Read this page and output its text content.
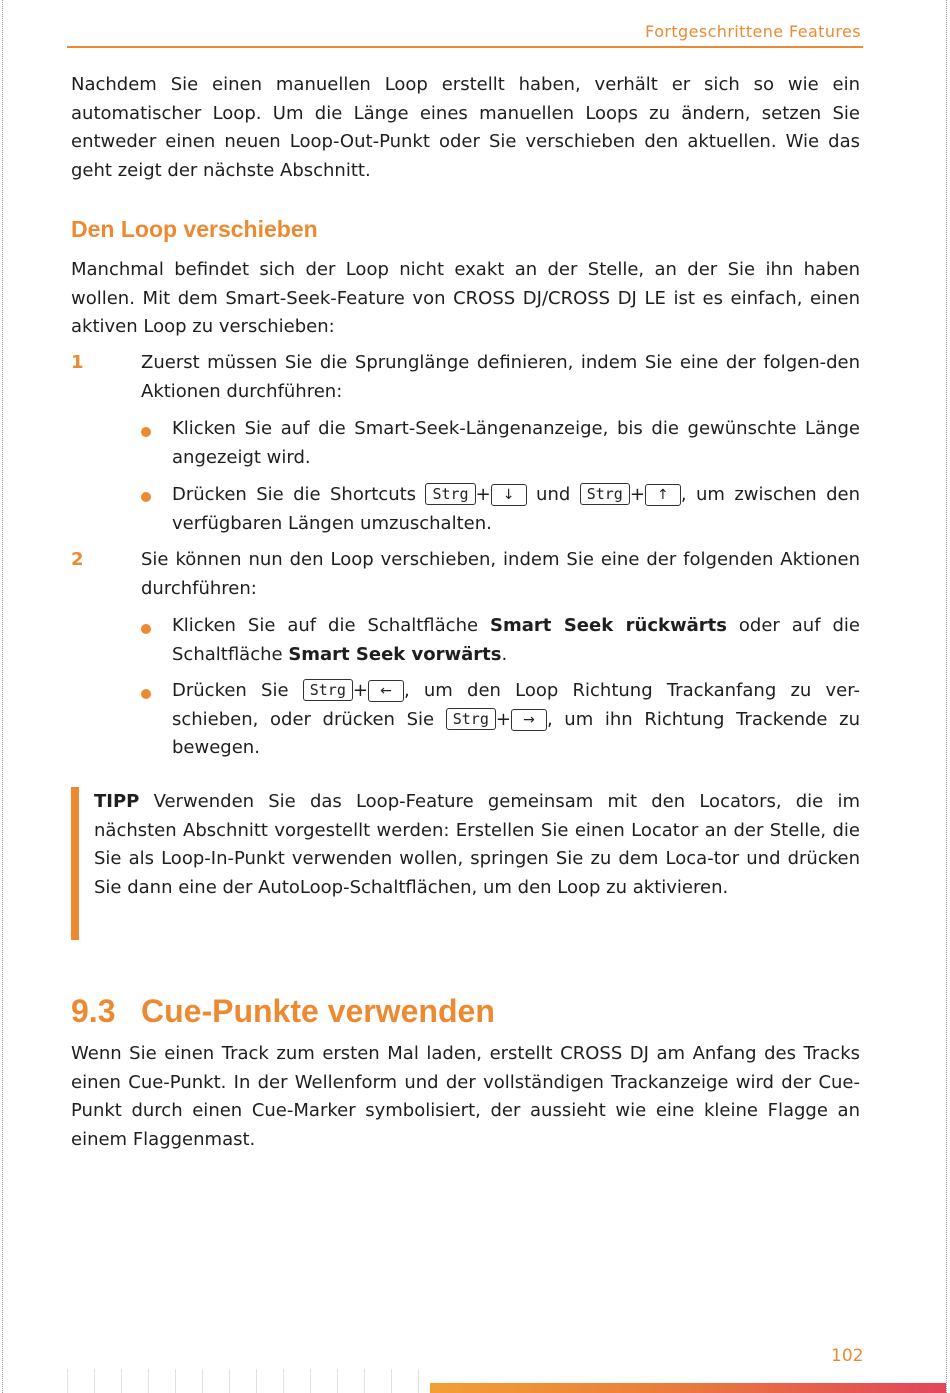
Fortgeschrittene Features

Nachdem Sie einen manuellen Loop erstellt haben, verhält er sich so wie ein automatischer Loop. Um die Länge eines manuellen Loops zu ändern, setzen Sie entweder einen neuen Loop-Out-Punkt oder Sie verschieben den aktuellen. Wie das geht zeigt der nächste Abschnitt.

Den Loop verschieben

Manchmal befindet sich der Loop nicht exakt an der Stelle, an der Sie ihn haben wollen. Mit dem Smart-Seek-Feature von CROSS DJ/CROSS DJ LE ist es einfach, einen aktiven Loop zu verschieben:

1	Zuerst müssen Sie die Sprunglänge definieren, indem Sie eine der folgen-den Aktionen durchführen:

Klicken Sie auf die Smart-Seek-Längenanzeige, bis die gewünschte Länge angezeigt wird.

Drücken Sie die Shortcuts Strg + ↓ und Strg + ↑ , um zwischen den verfügbaren Längen umzuschalten.

2	Sie können nun den Loop verschieben, indem Sie eine der folgenden Aktionen durchführen:

Klicken Sie auf die Schaltfläche Smart Seek rückwärts oder auf die Schaltfläche Smart Seek vorwärts.

Drücken Sie Strg + ← , um den Loop Richtung Trackanfang zu ver-schieben, oder drücken Sie Strg + → , um ihn Richtung Trackende zu bewegen.

TIPP Verwenden Sie das Loop-Feature gemeinsam mit den Locators, die im nächsten Abschnitt vorgestellt werden: Erstellen Sie einen Locator an der Stelle, die Sie als Loop-In-Punkt verwenden wollen, springen Sie zu dem Loca-tor und drücken Sie dann eine der AutoLoop-Schaltflächen, um den Loop zu aktivieren.

9.3 Cue-Punkte verwenden

Wenn Sie einen Track zum ersten Mal laden, erstellt CROSS DJ am Anfang des Tracks einen Cue-Punkt. In der Wellenform und der vollständigen Trackanzeige wird der Cue-Punkt durch einen Cue-Marker symbolisiert, der aussieht wie eine kleine Flagge an einem Flaggenmast.

102
